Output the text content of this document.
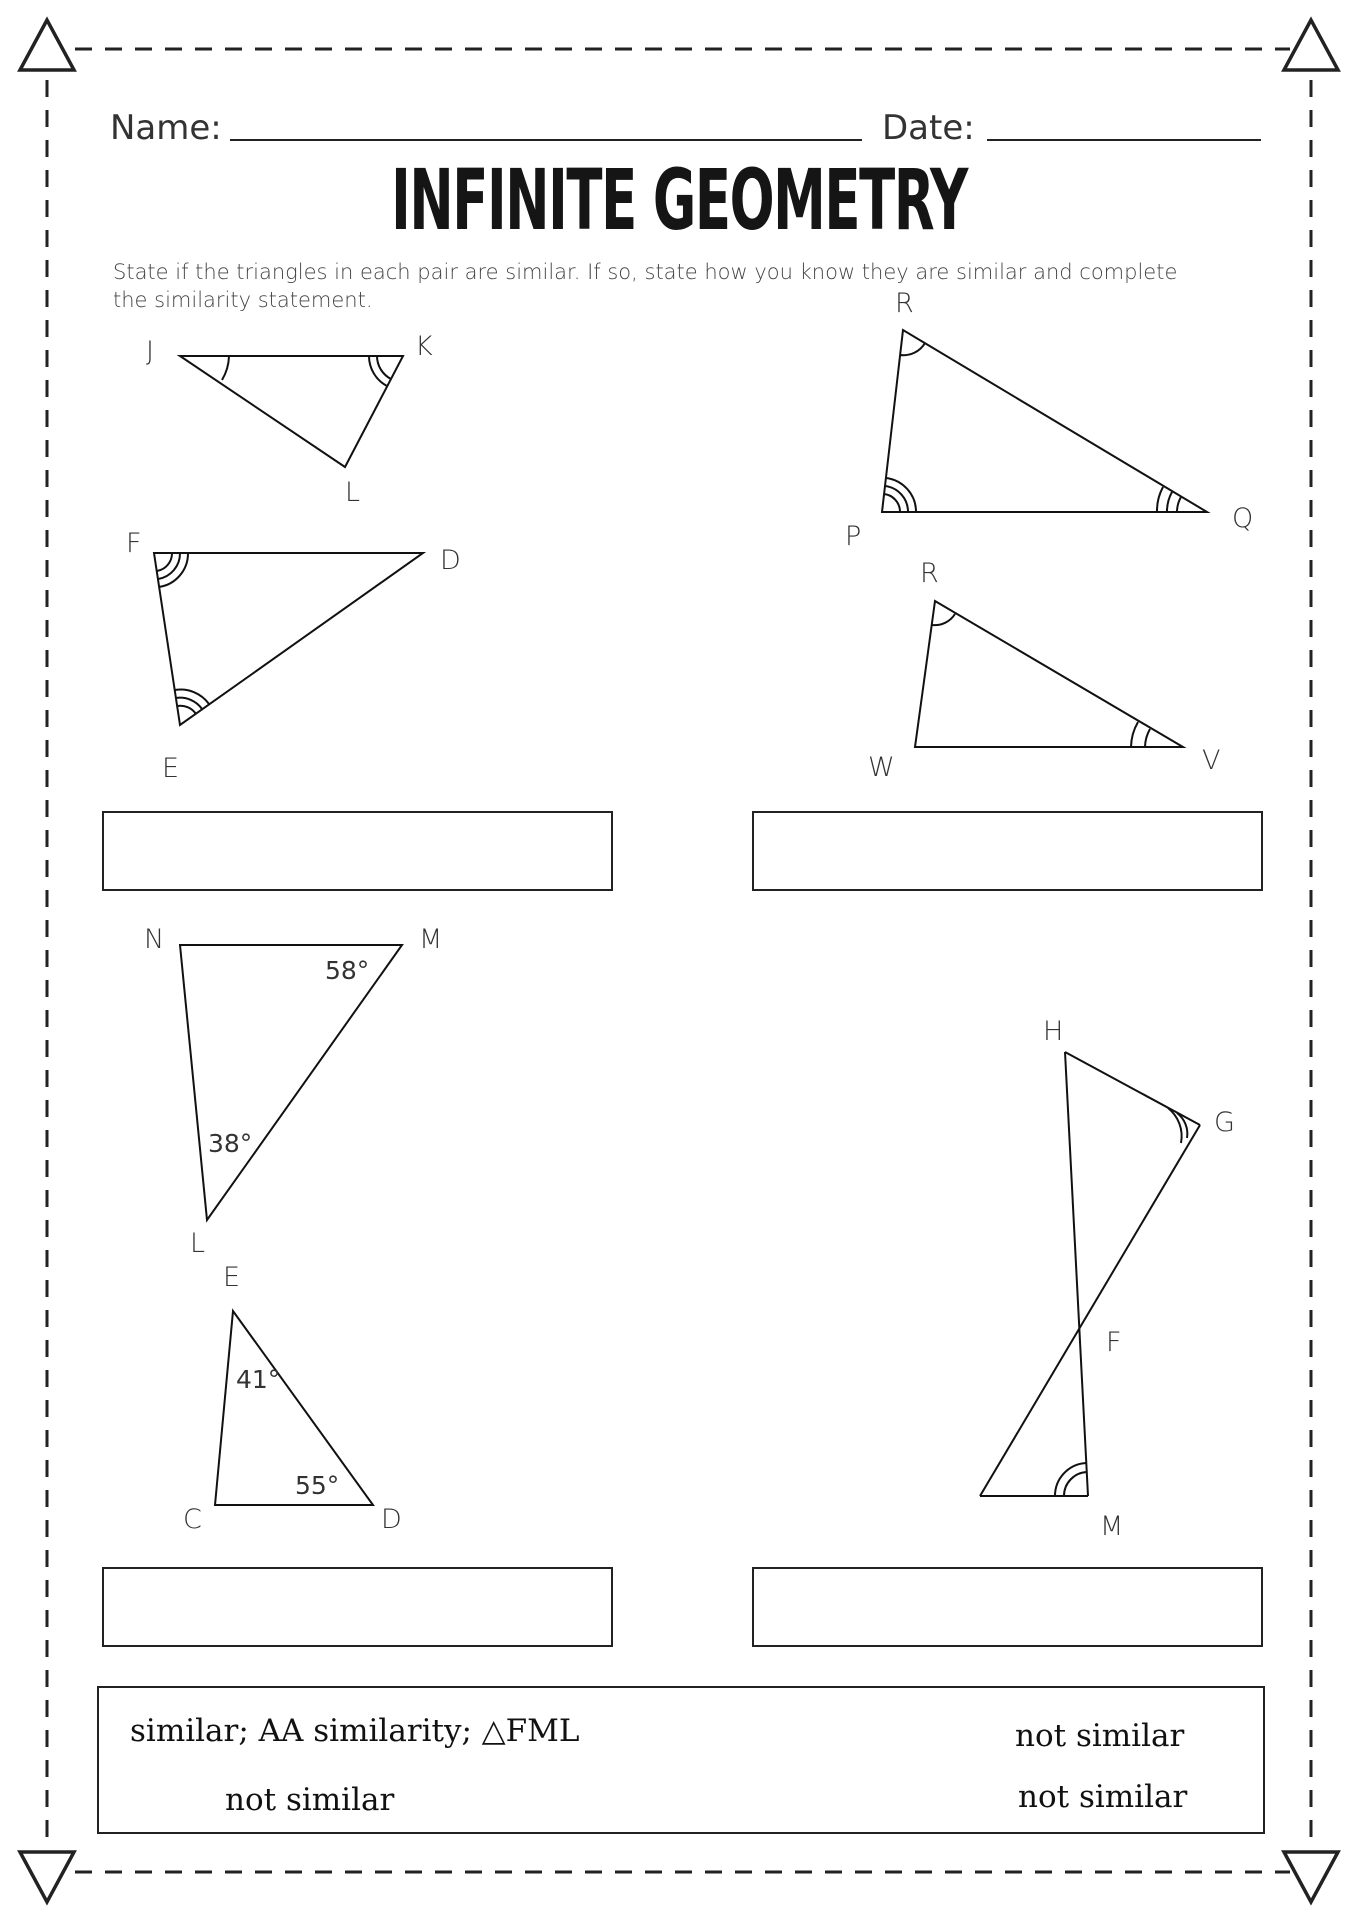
Name:	Date:
INFINITE GEOMETRY
State if the triangles in each pair are similar. If so, state how you know they are similar and complete the similarity statement.
J	K
L
F
D
E
R
P
Q
R
W	V
N	M
L
58°
38°
E
C	D
41°
55°
H
G
F
M
similar; AA similarity; △FML	not similar
not similar	not similar
